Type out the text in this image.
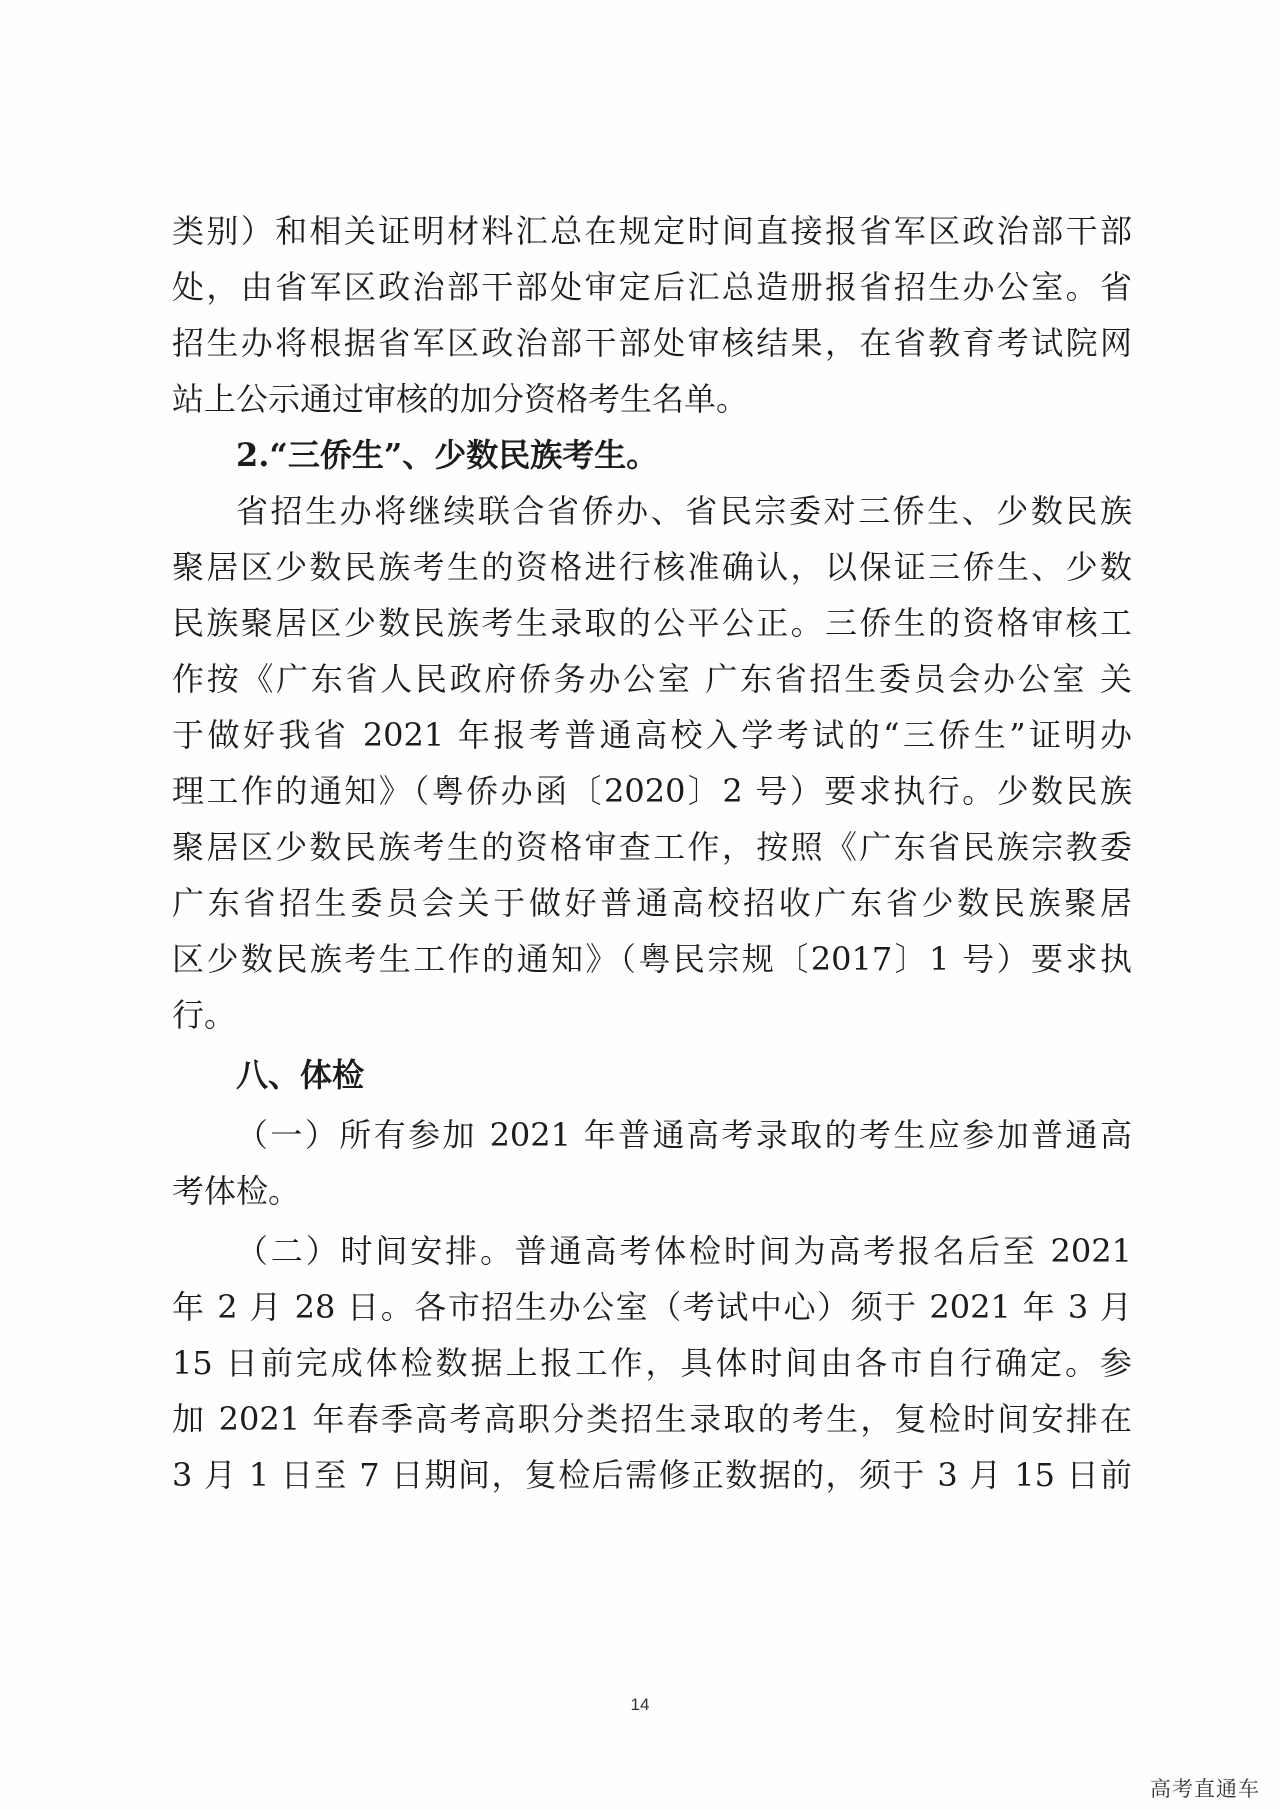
类别）和相关证明材料汇总在规定时间直接报省军区政治部干部
处，由省军区政治部干部处审定后汇总造册报省招生办公室。省
招生办将根据省军区政治部干部处审核结果，在省教育考试院网
站上公示通过审核的加分资格考生名单。
2.“三侨生”、少数民族考生。
省招生办将继续联合省侨办、省民宗委对三侨生、少数民族
聚居区少数民族考生的资格进行核准确认，以保证三侨生、少数
民族聚居区少数民族考生录取的公平公正。三侨生的资格审核工
作按《广东省人民政府侨务办公室 广东省招生委员会办公室 关
于做好我省 2021 年报考普通高校入学考试的“三侨生”证明办
理工作的通知》（粤侨办函〔2020〕2 号）要求执行。少数民族
聚居区少数民族考生的资格审查工作，按照《广东省民族宗教委
广东省招生委员会关于做好普通高校招收广东省少数民族聚居
区少数民族考生工作的通知》（粤民宗规〔2017〕1 号）要求执
行。
八、体检
（一）所有参加 2021 年普通高考录取的考生应参加普通高
考体检。
（二）时间安排。普通高考体检时间为高考报名后至 2021
年 2 月 28 日。各市招生办公室（考试中心）须于 2021 年 3 月
15 日前完成体检数据上报工作，具体时间由各市自行确定。参
加 2021 年春季高考高职分类招生录取的考生，复检时间安排在
3 月 1 日至 7 日期间，复检后需修正数据的，须于 3 月 15 日前
14
高考直通车
